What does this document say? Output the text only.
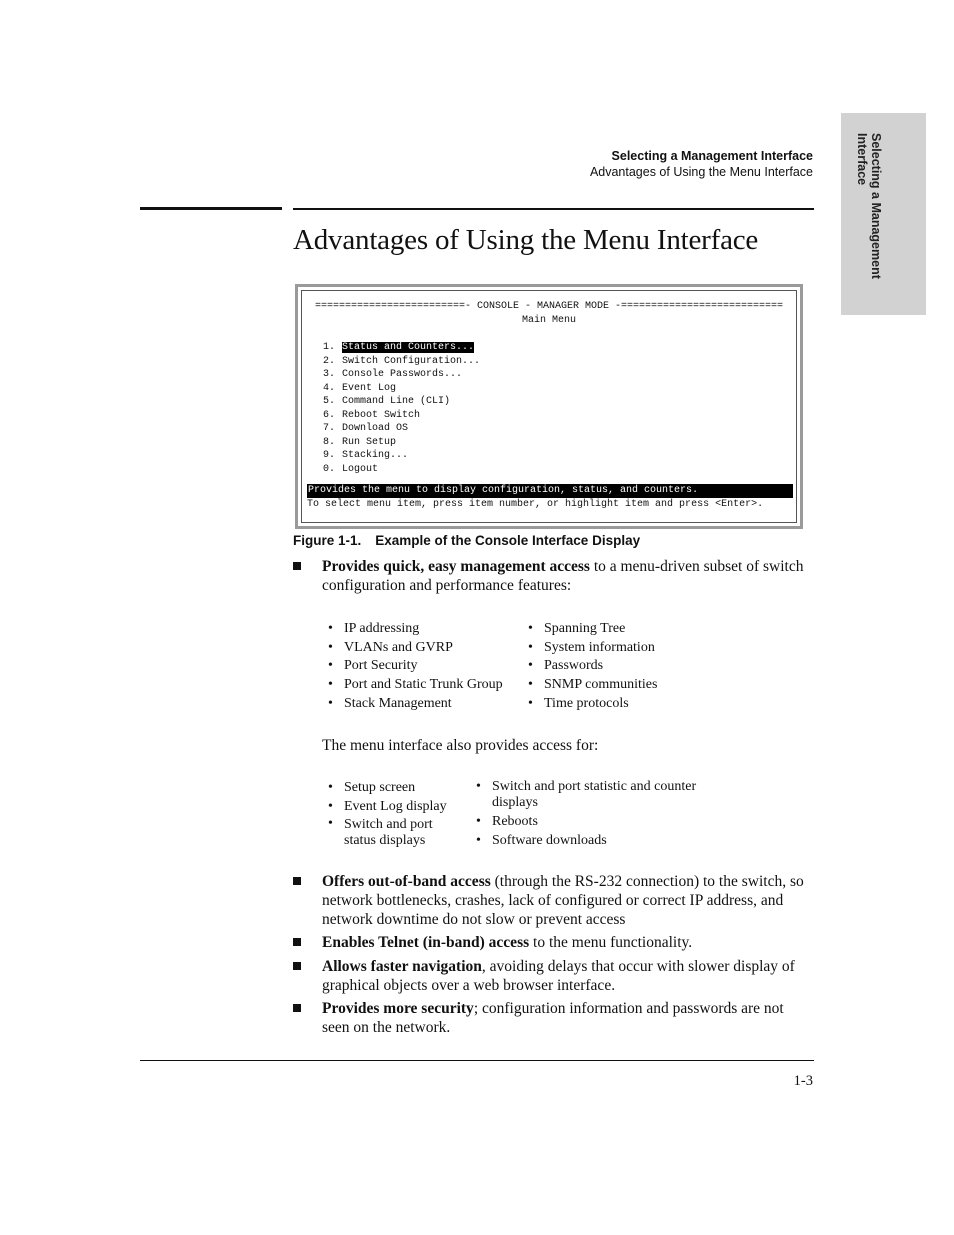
Selecting a Management Interface
Selecting a Management Interface
Advantages of Using the Menu Interface
Advantages of Using the Menu Interface
=========================- CONSOLE - MANAGER MODE -===========================
Main Menu
1. Status and Counters...
2. Switch Configuration...
3. Console Passwords...
4. Event Log
5. Command Line (CLI)
6. Reboot Switch
7. Download OS
8. Run Setup
9. Stacking...
0. Logout
Provides the menu to display configuration, status, and counters.
To select menu item, press item number, or highlight item and press <Enter>.
Figure 1-1. Example of the Console Interface Display
Provides quick, easy management access to a menu-driven subset of switch configuration and performance features:
• IP addressing
• VLANs and GVRP
• Port Security
• Port and Static Trunk Group
• Stack Management
• Spanning Tree
• System information
• Passwords
• SNMP communities
• Time protocols
The menu interface also provides access for:
• Setup screen
• Event Log display
• Switch and port status displays
• Switch and port statistic and counter displays
• Reboots
• Software downloads
Offers out-of-band access (through the RS-232 connection) to the switch, so network bottlenecks, crashes, lack of configured or correct IP address, and network downtime do not slow or prevent access
Enables Telnet (in-band) access to the menu functionality.
Allows faster navigation, avoiding delays that occur with slower display of graphical objects over a web browser interface.
Provides more security; configuration information and passwords are not seen on the network.
1-3
